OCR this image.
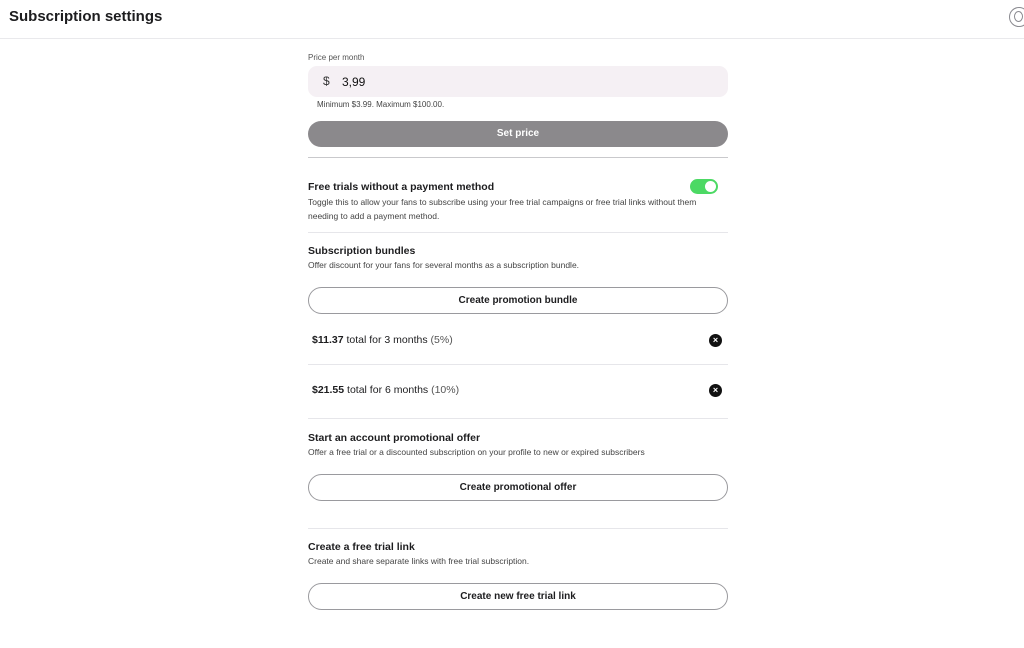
Subscription settings
Price per month
$
3,99
Minimum $3.99. Maximum $100.00.
Set price
Free trials without a payment method
Toggle this to allow your fans to subscribe using your free trial campaigns or free trial links without them needing to add a payment method.
Subscription bundles
Offer discount for your fans for several months as a subscription bundle.
Create promotion bundle
$11.37 total for 3 months (5%)	×
$21.55 total for 6 months (10%)	×
Start an account promotional offer
Offer a free trial or a discounted subscription on your profile to new or expired subscribers
Create promotional offer
Create a free trial link
Create and share separate links with free trial subscription.
Create new free trial link
